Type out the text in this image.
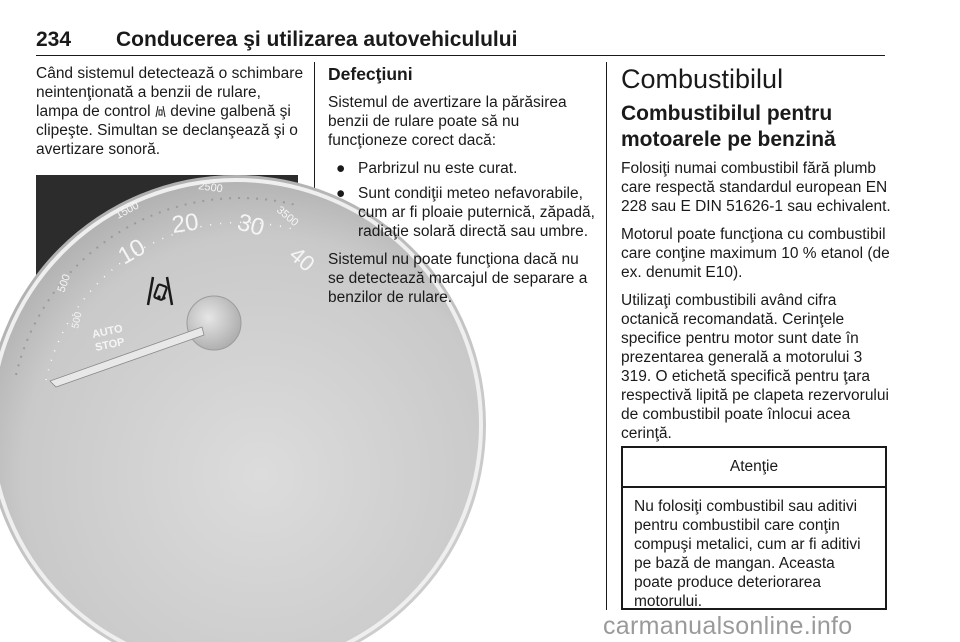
234 Conducerea şi utilizarea autovehiculului

Când sistemul detectează o schimbare neintenţionată a benzii de rulare, lampa de control  devine galbenă şi clipeşte. Simultan se declanşează şi o avertizare sonoră.

2500
1500	3500
500
500
10
20 30
40
AUTO
STOP

Defecţiuni

Sistemul de avertizare la părăsirea benzii de rulare poate să nu funcţioneze corect dacă:

● Parbrizul nu este curat.
● Sunt condiţii meteo nefavorabile, cum ar fi ploaie puternică, zăpadă, radiaţie solară directă sau umbre.

Sistemul nu poate funcţiona dacă nu se detectează marcajul de separare a benzilor de rulare.

Combustibilul
Combustibilul pentru motoarele pe benzină

Folosiţi numai combustibil fără plumb care respectă standardul european EN 228 sau E DIN 51626-1 sau echivalent.

Motorul poate funcţiona cu combustibil care conţine maximum 10 % etanol (de ex. denumit E10).

Utilizaţi combustibili având cifra octanică recomandată. Cerinţele specifice pentru motor sunt date în prezentarea generală a motorului 3 319. O etichetă specifică pentru ţara respectivă lipită pe clapeta rezervorului de combustibil poate înlocui acea cerinţă.

Atenţie
Nu folosiţi combustibil sau aditivi pentru combustibil care conţin compuşi metalici, cum ar fi aditivi pe bază de mangan. Aceasta poate produce deteriorarea motorului.
carmanualsonline.info
